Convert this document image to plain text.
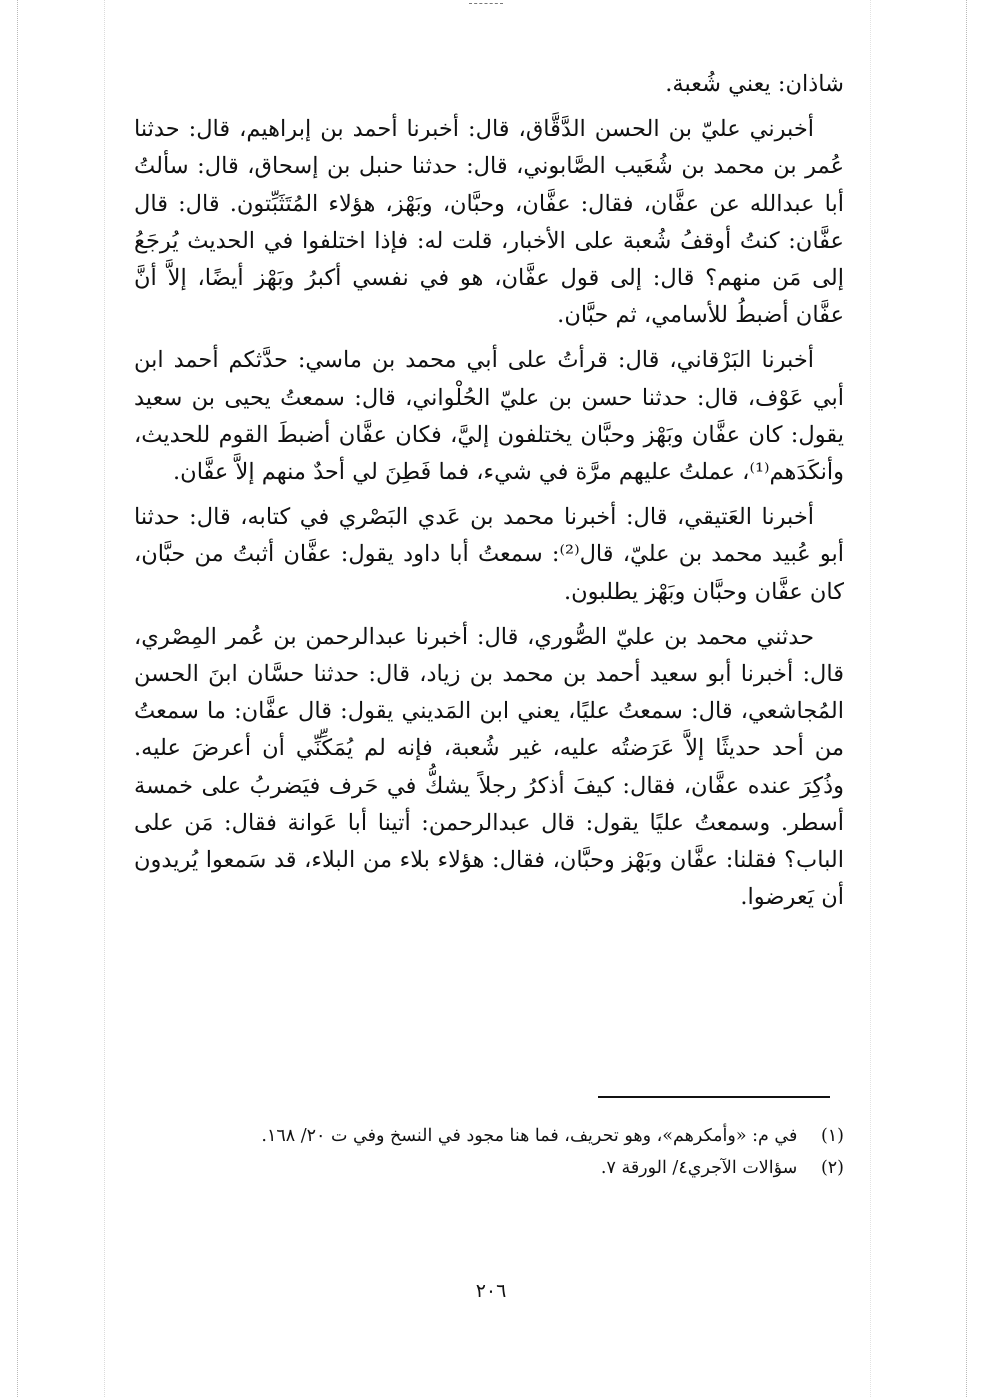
شاذان: يعني شُعبة.

أخبرني عليّ بن الحسن الدَّقَّاق، قال: أخبرنا أحمد بن إبراهيم، قال: حدثنا عُمر بن محمد بن شُعَيب الصَّابوني، قال: حدثنا حنبل بن إسحاق، قال: سألتُ أبا عبدالله عن عفَّان، فقال: عفَّان، وحبَّان، وبَهْز، هؤلاء المُتَثَبِّتون. قال: قال عفَّان: كنتُ أوقفُ شُعبة على الأخبار، قلت له: فإذا اختلفوا في الحديث يُرجَعُ إلى مَن منهم؟ قال: إلى قول عفَّان، هو في نفسي أكبرُ وبَهْز أيضًا، إلاَّ أنَّ عفَّان أضبطُ للأسامي، ثم حبَّان.

أخبرنا البَرْقاني، قال: قرأتُ على أبي محمد بن ماسي: حدَّثكم أحمد ابن أبي عَوْف، قال: حدثنا حسن بن عليّ الحُلْواني، قال: سمعتُ يحيى بن سعيد يقول: كان عفَّان وبَهْز وحبَّان يختلفون إليَّ، فكان عفَّان أضبطَ القوم للحديث، وأنكَدَهم⁽¹⁾، عملتُ عليهم مرَّة في شيء، فما فَطِنَ لي أحدٌ منهم إلاَّ عفَّان.

أخبرنا العَتيقي، قال: أخبرنا محمد بن عَدي البَصْري في كتابه، قال: حدثنا أبو عُبيد محمد بن عليّ، قال⁽²⁾: سمعتُ أبا داود يقول: عفَّان أثبتُ من حبَّان، كان عفَّان وحبَّان وبَهْز يطلبون.

حدثني محمد بن عليّ الصُّوري، قال: أخبرنا عبدالرحمن بن عُمر المِصْري، قال: أخبرنا أبو سعيد أحمد بن محمد بن زياد، قال: حدثنا حسَّان ابنَ الحسن المُجاشعي، قال: سمعتُ عليًا، يعني ابن المَديني يقول: قال عفَّان: ما سمعتُ من أحد حديثًا إلاَّ عَرَضتُه عليه، غير شُعبة، فإنه لم يُمَكِّنِّي أن أعرضَ عليه. وذُكِرَ عنده عفَّان، فقال: كيفَ أذكرُ رجلاً يشكُّ في حَرف فيَضربُ على خمسة أسطر. وسمعتُ عليًا يقول: قال عبدالرحمن: أتينا أبا عَوانة فقال: مَن على الباب؟ فقلنا: عفَّان وبَهْز وحبَّان، فقال: هؤلاء بلاء من البلاء، قد سَمعوا يُريدون أن يَعرضوا.

(١) في م: «وأمكرهم»، وهو تحريف، فما هنا مجود في النسخ وفي ت ٢٠/ ١٦٨.

(٢) سؤالات الآجري٤/ الورقة ٧.

٢٠٦
